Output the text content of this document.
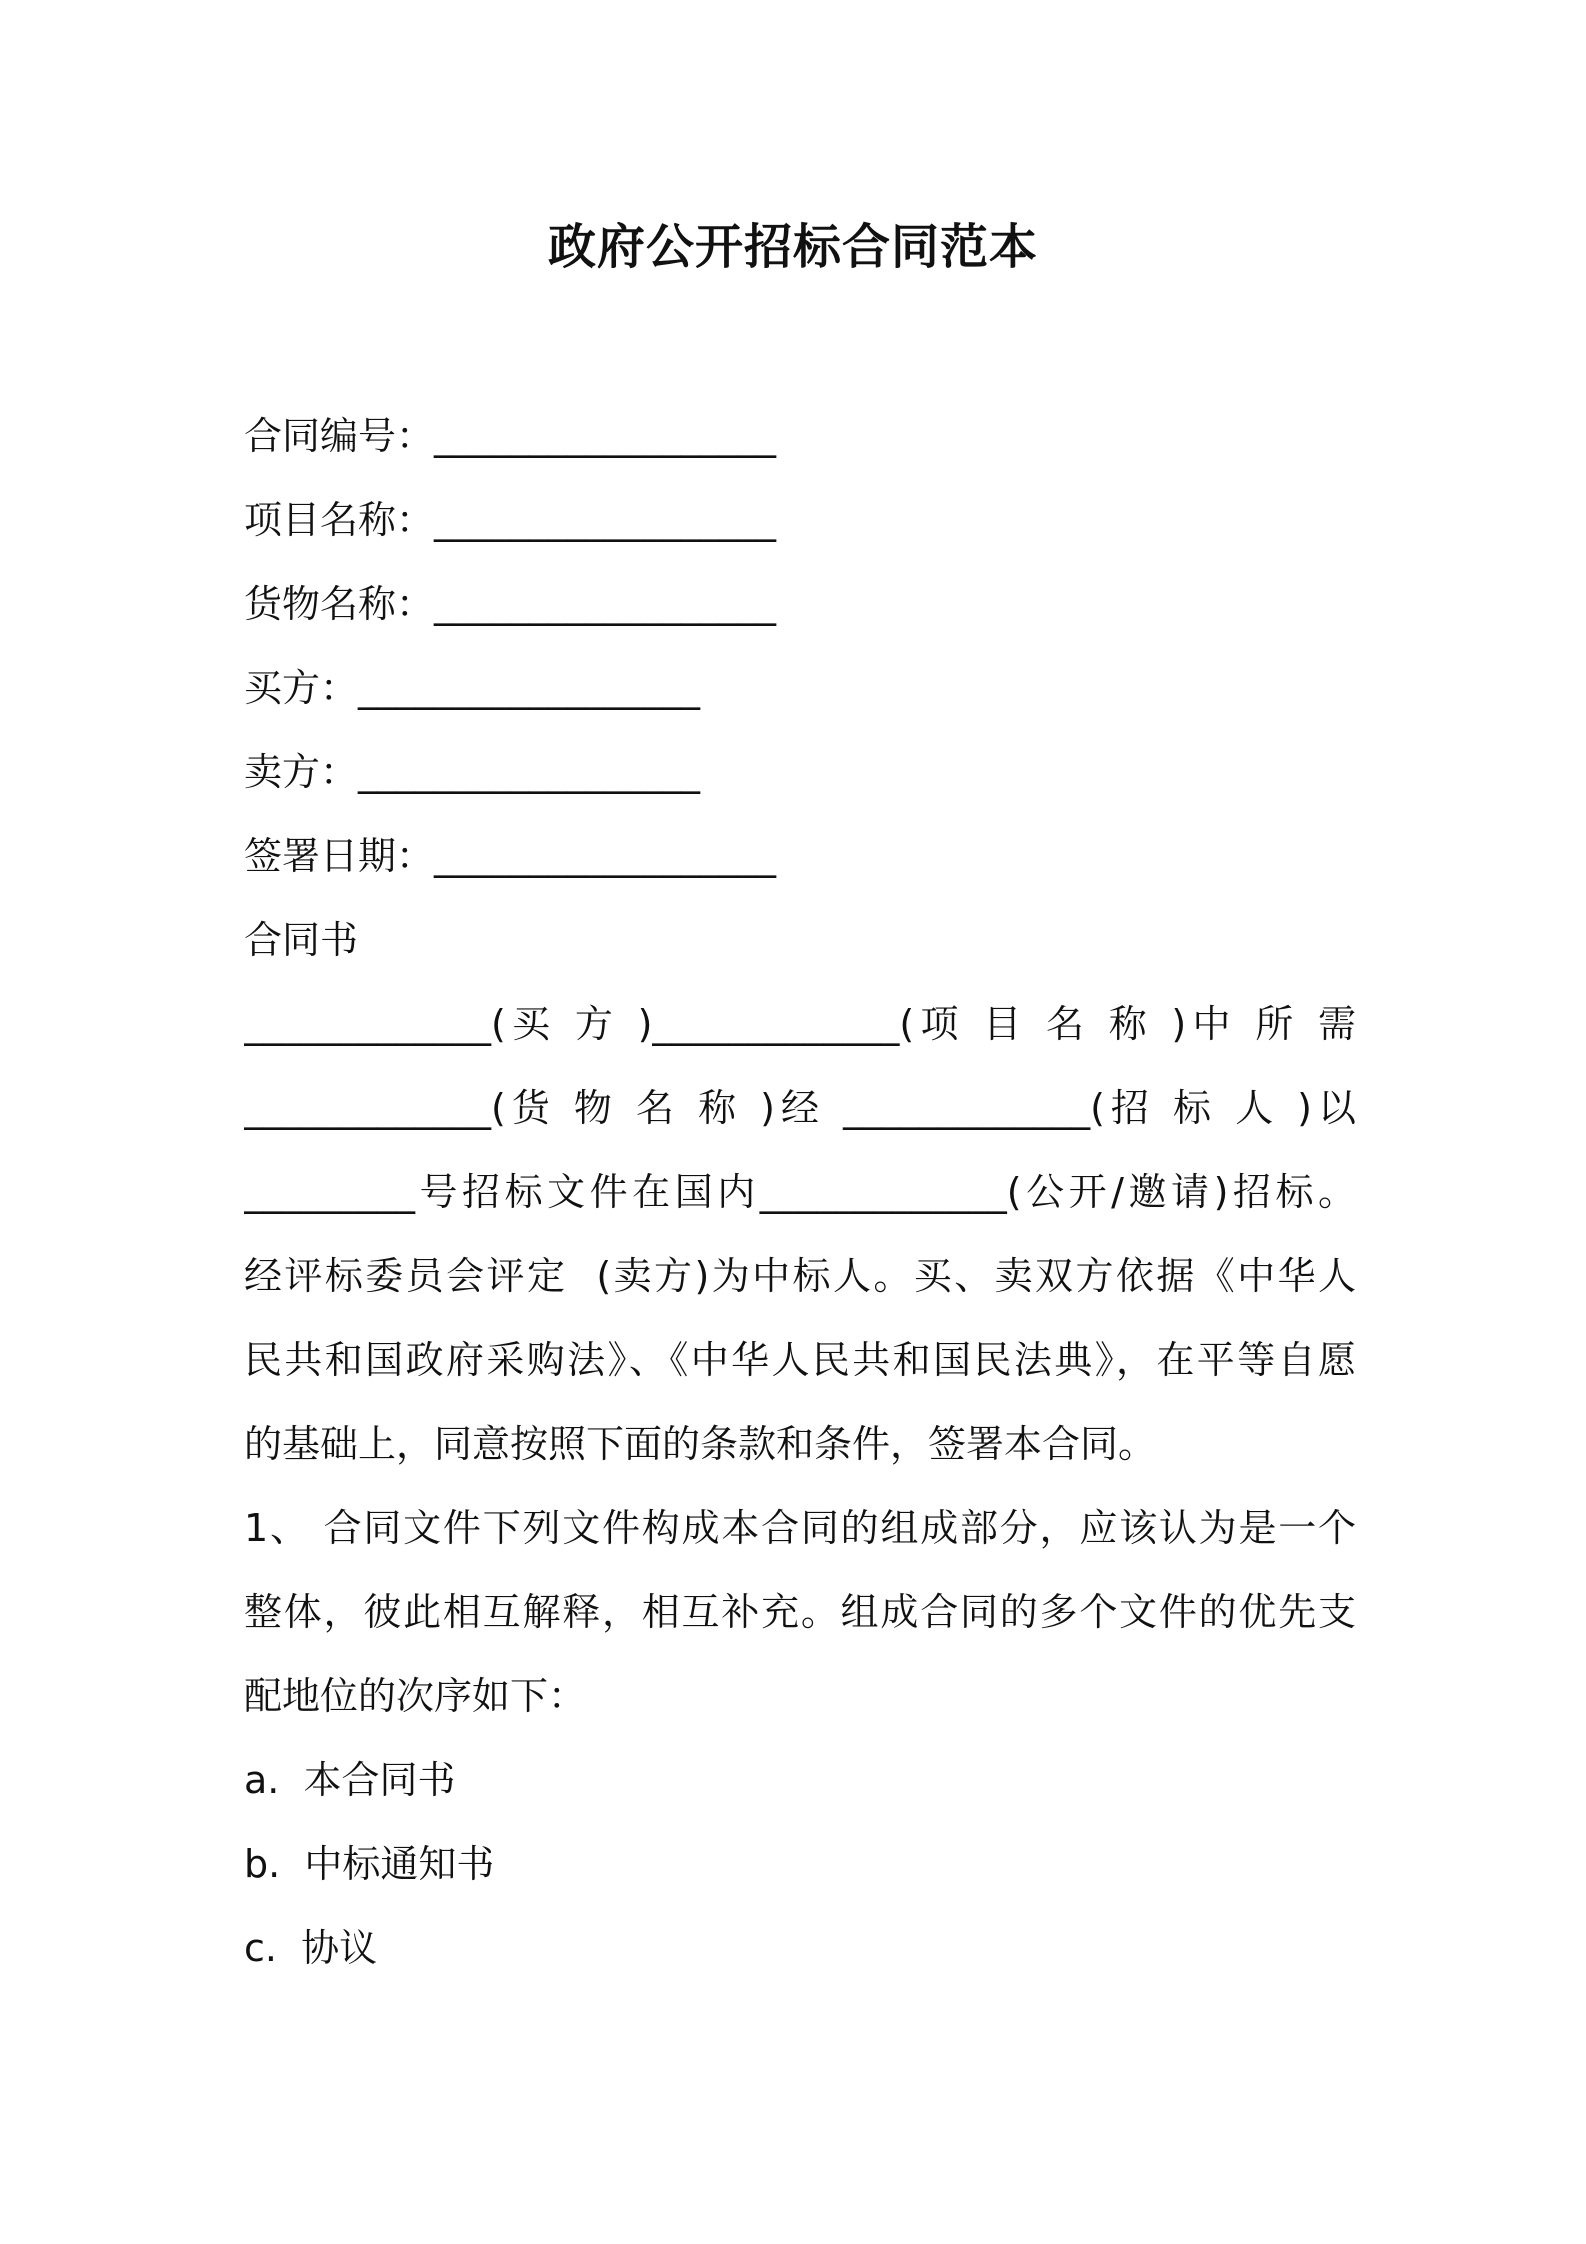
政府公开招标合同范本
合同编号：__________________
项目名称：__________________
货物名称：__________________
买方：__________________
卖方：__________________
签署日期：__________________
合同书
_____________(买 方 )_____________(项 目 名 称 )中 所 需
_____________(货 物 名 称 )经 _____________(招 标 人 )以
_________号招标文件在国内_____________(公开/邀请)招标。
经评标委员会评定  (卖方)为中标人。买、卖双方依据《中华人
民共和国政府采购法》、《中华人民共和国民法典》，在平等自愿
的基础上，同意按照下面的条款和条件，签署本合同。
1、 合同文件下列文件构成本合同的组成部分，应该认为是一个
整体，彼此相互解释，相互补充。组成合同的多个文件的优先支
配地位的次序如下：
a.  本合同书
b.  中标通知书
c.  协议
